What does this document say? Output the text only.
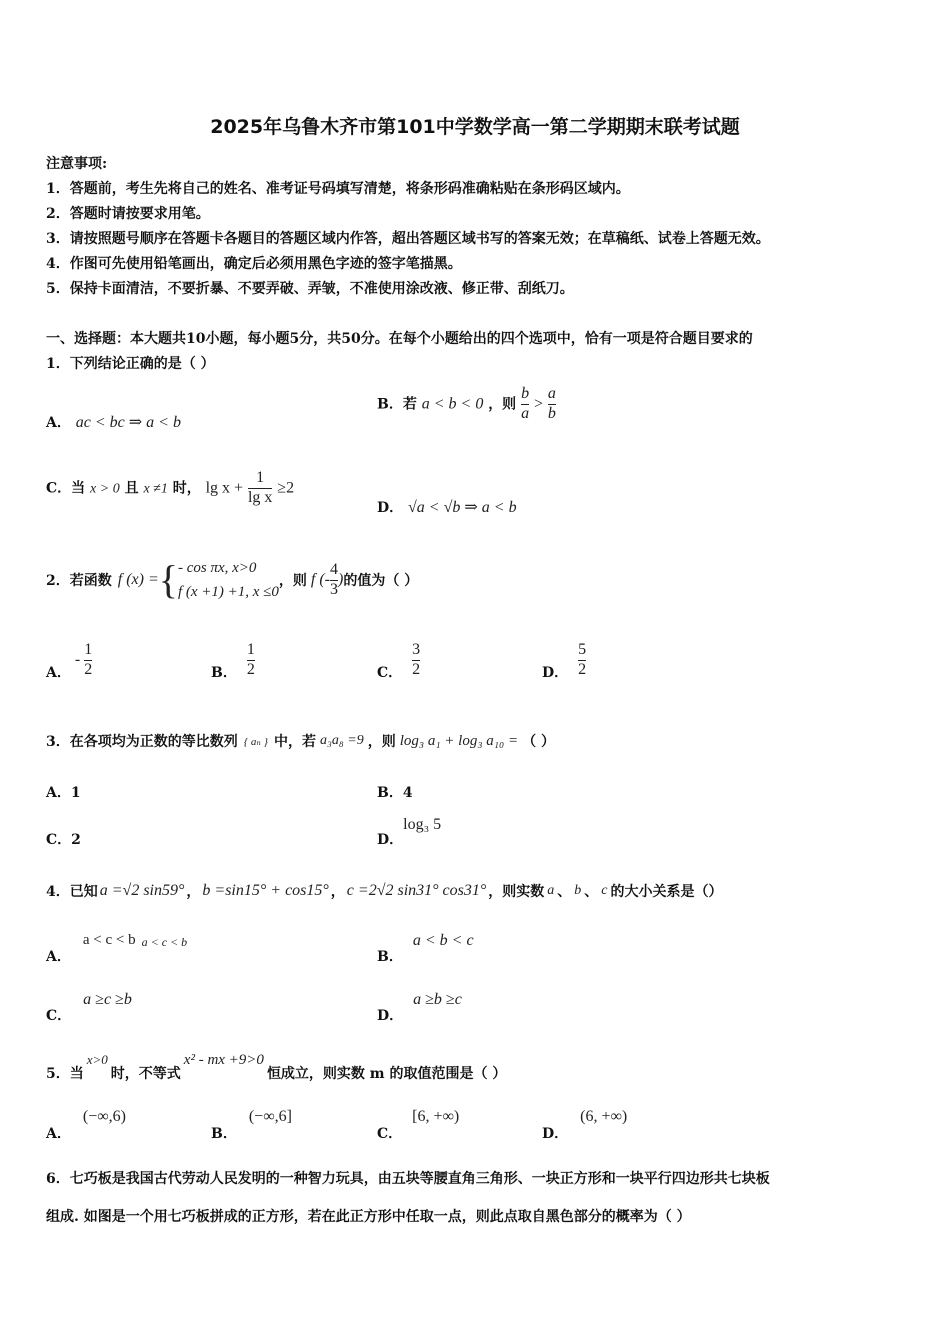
2025年乌鲁木齐市第101中学数学高一第二学期期末联考试题
注意事项:
1．答题前，考生先将自己的姓名、准考证号码填写清楚，将条形码准确粘贴在条形码区域内。
2．答题时请按要求用笔。
3．请按照题号顺序在答题卡各题目的答题区域内作答，超出答题区域书写的答案无效；在草稿纸、试卷上答题无效。
4．作图可先使用铅笔画出，确定后必须用黑色字迹的签字笔描黑。
5．保持卡面清洁，不要折暴、不要弄破、弄皱，不准使用涂改液、修正带、刮纸刀。
一、选择题：本大题共10小题，每小题5分，共50分。在每个小题给出的四个选项中，恰有一项是符合题目要求的
1．下列结论正确的是（ ）
A． ac < bc ⇒ a < b
B．若 a < b < 0 ，则 $\frac{b}{a} > \frac{a}{b}$
C．当 x > 0 且 x ≠1 时， $\lg x + \frac{1}{\text{lg x}} \ge 2$
D． √a < √b ⇒ a < b
2．若函数 f (x) = { - cos πx, x>0
f (x +1) +1, x ≤0
，则 f (- $\frac{4}{3}$ ) 的值为（ ）
A．
- $\frac{1}{2}$	B． $\frac{1}{2}$	C． $\frac{3}{2}$	D． $\frac{5}{2}$
3．在各项均为正数的等比数列 { aₙ } 中，若 a₃a₈ =9 ，则 log₃ a₁ + log₃ a₁₀ = （ ）
A．1	B．4
C．2	D．
log₃ 5
4．已知 a =√2 sin59° ， b =sin15° + cos15° ， c =2√2 sin31° cos31° ，则实数 a 、 b 、 c 的大小关系是（）
A．
a < c < b a < c < b
B．
a < b < c
C．
a ≥c ≥b
D．
a ≥b ≥c
5．当
x>0
时，不等式
x² - mx +9>0
恒成立，则实数 m 的取值范围是（ ）
A．
(−∞,6)
B．
(−∞,6]
C．
[6, +∞)
D．
(6, +∞)
6．七巧板是我国古代劳动人民发明的一种智力玩具，由五块等腰直角三角形、一块正方形和一块平行四边形共七块板
组成. 如图是一个用七巧板拼成的正方形，若在此正方形中任取一点，则此点取自黑色部分的概率为（ ）
